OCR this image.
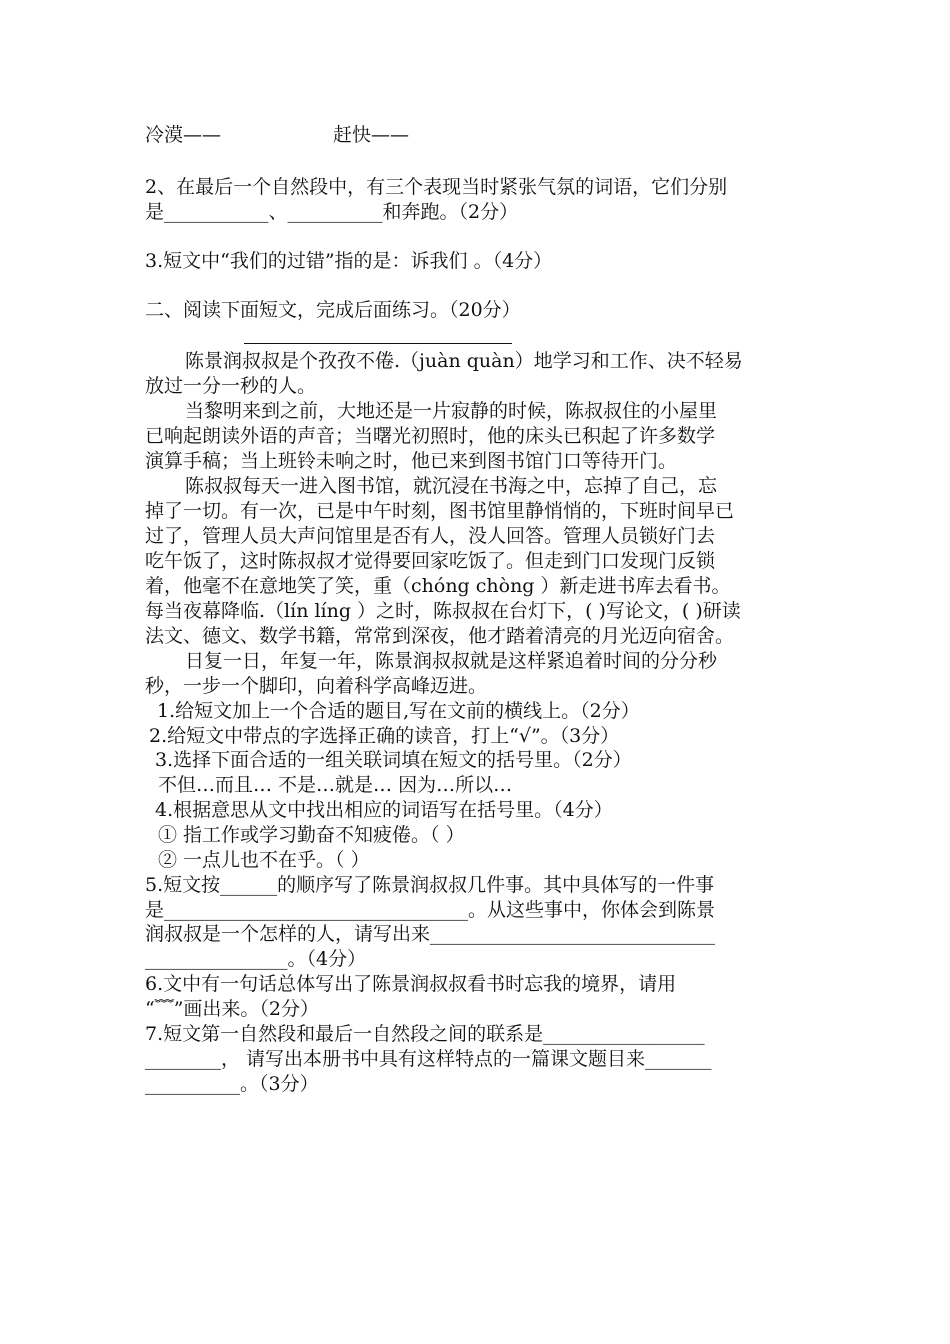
冷漠——	赶快——
2、在最后一个自然段中，有三个表现当时紧张气氛的词语，它们分别
是___________、__________和奔跑。（2分）
3.短文中“我们的过错”指的是：诉我们 。（4分）
二、阅读下面短文，完成后面练习。（20分）
陈景润叔叔是个孜孜不倦.（juàn quàn）地学习和工作、决不轻易
放过一分一秒的人。
当黎明来到之前，大地还是一片寂静的时候，陈叔叔住的小屋里
已响起朗读外语的声音；当曙光初照时，他的床头已积起了许多数学
演算手稿；当上班铃未响之时，他已来到图书馆门口等待开门。
陈叔叔每天一进入图书馆，就沉浸在书海之中，忘掉了自己，忘
掉了一切。有一次，已是中午时刻，图书馆里静悄悄的，下班时间早已
过了，管理人员大声问馆里是否有人，没人回答。管理人员锁好门去
吃午饭了，这时陈叔叔才觉得要回家吃饭了。但走到门口发现门反锁
着，他毫不在意地笑了笑，重（chóng chòng ）新走进书库去看书。
每当夜幕降临.（lín líng ）之时，陈叔叔在台灯下，( )写论文，( )研读
法文、德文、数学书籍，常常到深夜，他才踏着清亮的月光迈向宿舍。
日复一日，年复一年，陈景润叔叔就是这样紧追着时间的分分秒
秒，一步一个脚印，向着科学高峰迈进。
1.给短文加上一个合适的题目,写在文前的横线上。（2分）
2.给短文中带点的字选择正确的读音，打上“√”。（3分）
3.选择下面合适的一组关联词填在短文的括号里。（2分）
不但…而且… 不是…就是… 因为…所以…
4.根据意思从文中找出相应的词语写在括号里。（4分）
① 指工作或学习勤奋不知疲倦。（ ）
② 一点儿也不在乎。（ ）
5.短文按______的顺序写了陈景润叔叔几件事。其中具体写的一件事
是________________________________。从这些事中，你体会到陈景
润叔叔是一个怎样的人，请写出来______________________________
_______________。（4分）
6.文中有一句话总体写出了陈景润叔叔看书时忘我的境界，请用
“﹌”画出来。（2分）
7.短文第一自然段和最后一自然段之间的联系是_________________
________， 请写出本册书中具有这样特点的一篇课文题目来_______
__________。（3分）
